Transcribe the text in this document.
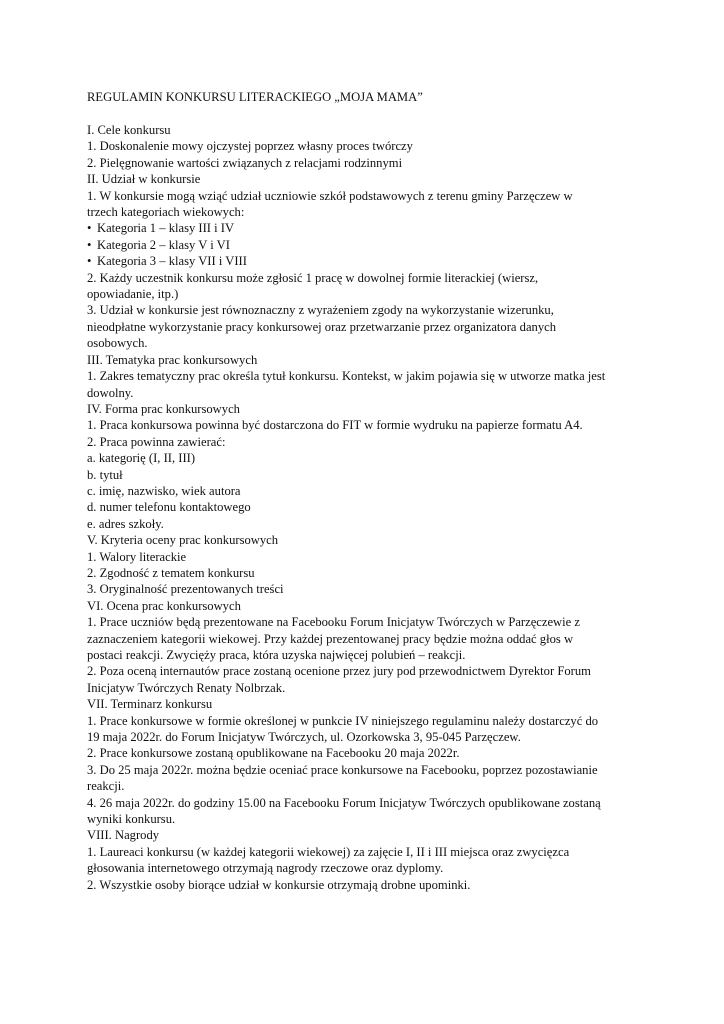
REGULAMIN KONKURSU LITERACKIEGO „MOJA MAMA”
I. Cele konkursu
1. Doskonalenie mowy ojczystej poprzez własny proces twórczy
2. Pielęgnowanie wartości związanych z relacjami rodzinnymi
II. Udział w konkursie
1. W konkursie mogą wziąć udział uczniowie szkół podstawowych z terenu gminy Parzęczew w
trzech kategoriach wiekowych:
• Kategoria 1 – klasy III i IV
• Kategoria 2 – klasy V i VI
• Kategoria 3 – klasy VII i VIII
2. Każdy uczestnik konkursu może zgłosić 1 pracę w dowolnej formie literackiej (wiersz,
opowiadanie, itp.)
3. Udział w konkursie jest równoznaczny z wyrażeniem zgody na wykorzystanie wizerunku,
nieodpłatne wykorzystanie pracy konkursowej oraz przetwarzanie przez organizatora danych
osobowych.
III. Tematyka prac konkursowych
1. Zakres tematyczny prac określa tytuł konkursu. Kontekst, w jakim pojawia się w utworze matka jest
dowolny.
IV. Forma prac konkursowych
1. Praca konkursowa powinna być dostarczona do FIT w formie wydruku na papierze formatu A4.
2. Praca powinna zawierać:
a. kategorię (I, II, III)
b. tytuł
c. imię, nazwisko, wiek autora
d. numer telefonu kontaktowego
e. adres szkoły.
V. Kryteria oceny prac konkursowych
1. Walory literackie
2. Zgodność z tematem konkursu
3. Oryginalność prezentowanych treści
VI. Ocena prac konkursowych
1. Prace uczniów będą prezentowane na Facebooku Forum Inicjatyw Twórczych w Parzęczewie z
zaznaczeniem kategorii wiekowej. Przy każdej prezentowanej pracy będzie można oddać głos w
postaci reakcji. Zwycięży praca, która uzyska najwięcej polubień – reakcji.
2. Poza oceną internautów prace zostaną ocenione przez jury pod przewodnictwem Dyrektor Forum
Inicjatyw Twórczych Renaty Nolbrzak.
VII. Terminarz konkursu
1. Prace konkursowe w formie określonej w punkcie IV niniejszego regulaminu należy dostarczyć do
19 maja 2022r. do Forum Inicjatyw Twórczych, ul. Ozorkowska 3, 95-045 Parzęczew.
2. Prace konkursowe zostaną opublikowane na Facebooku 20 maja 2022r.
3. Do 25 maja 2022r. można będzie oceniać prace konkursowe na Facebooku, poprzez pozostawianie
reakcji.
4. 26 maja 2022r. do godziny 15.00 na Facebooku Forum Inicjatyw Twórczych opublikowane zostaną
wyniki konkursu.
VIII. Nagrody
1. Laureaci konkursu (w każdej kategorii wiekowej) za zajęcie I, II i III miejsca oraz zwycięzca
głosowania internetowego otrzymają nagrody rzeczowe oraz dyplomy.
2. Wszystkie osoby biorące udział w konkursie otrzymają drobne upominki.
